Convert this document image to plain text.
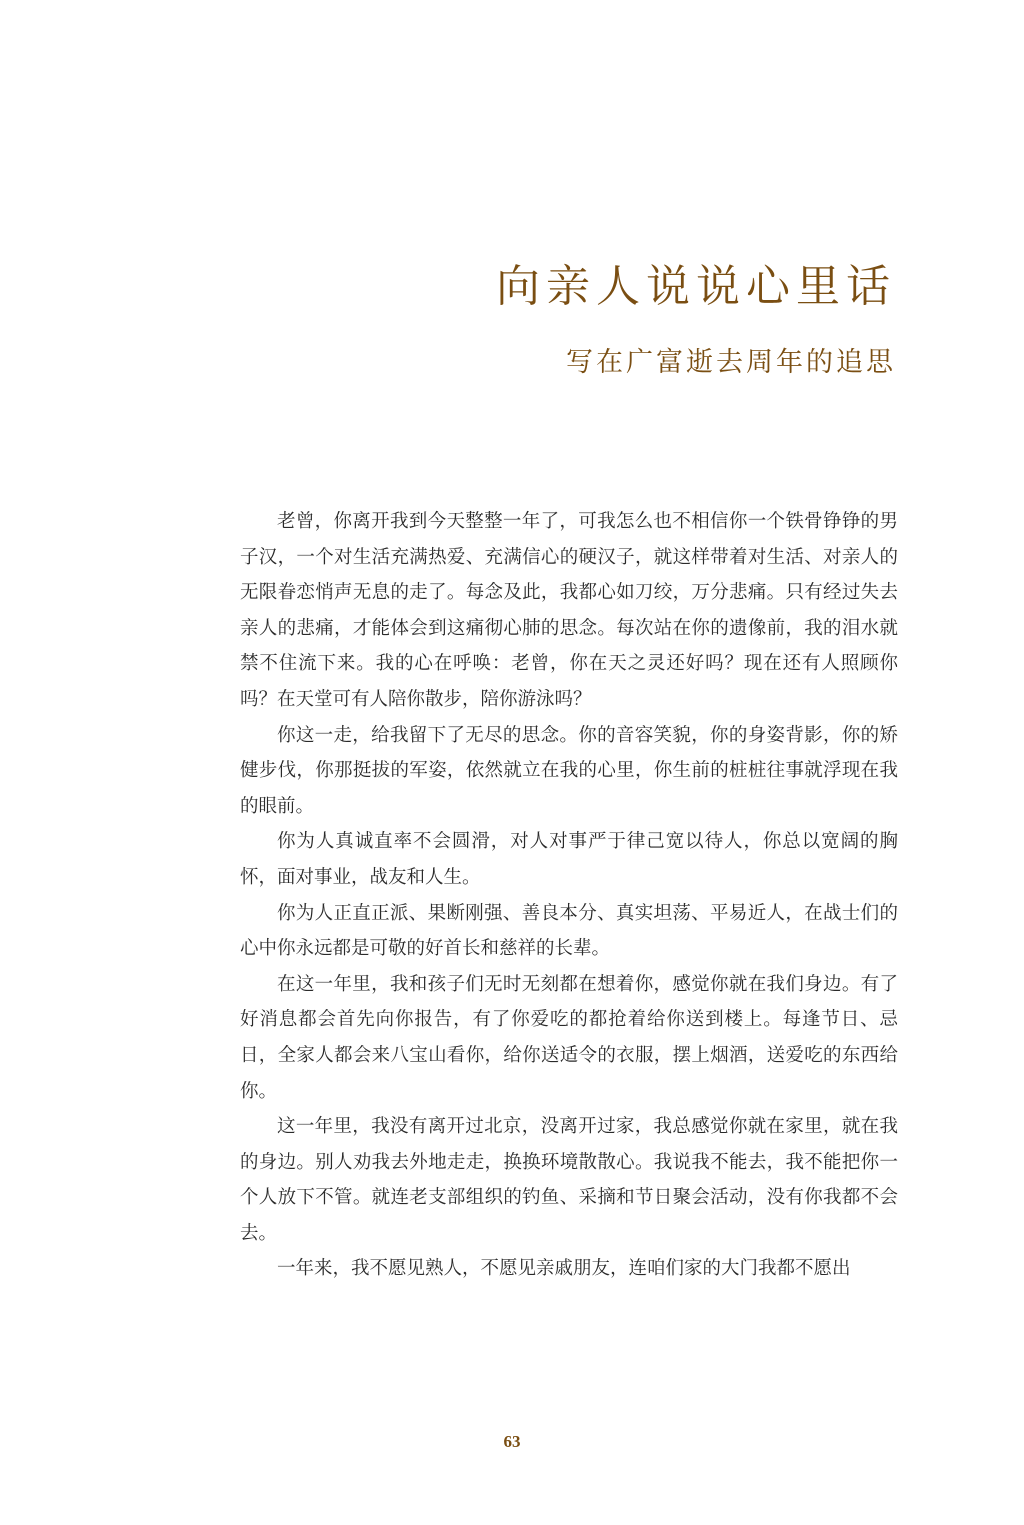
向亲人说说心里话
写在广富逝去周年的追思

老曾，你离开我到今天整整一年了，可我怎么也不相信你一个铁骨铮铮的男子汉，一个对生活充满热爱、充满信心的硬汉子，就这样带着对生活、对亲人的无限眷恋悄声无息的走了。每念及此，我都心如刀绞，万分悲痛。只有经过失去亲人的悲痛，才能体会到这痛彻心肺的思念。每次站在你的遗像前，我的泪水就禁不住流下来。我的心在呼唤：老曾，你在天之灵还好吗？现在还有人照顾你吗？在天堂可有人陪你散步，陪你游泳吗？

你这一走，给我留下了无尽的思念。你的音容笑貌，你的身姿背影，你的矫健步伐，你那挺拔的军姿，依然就立在我的心里，你生前的桩桩往事就浮现在我的眼前。

你为人真诚直率不会圆滑，对人对事严于律己宽以待人，你总以宽阔的胸怀，面对事业，战友和人生。

你为人正直正派、果断刚强、善良本分、真实坦荡、平易近人，在战士们的心中你永远都是可敬的好首长和慈祥的长辈。

在这一年里，我和孩子们无时无刻都在想着你，感觉你就在我们身边。有了好消息都会首先向你报告，有了你爱吃的都抢着给你送到楼上。每逢节日、忌日，全家人都会来八宝山看你，给你送适令的衣服，摆上烟酒，送爱吃的东西给你。

这一年里，我没有离开过北京，没离开过家，我总感觉你就在家里，就在我的身边。别人劝我去外地走走，换换环境散散心。我说我不能去，我不能把你一个人放下不管。就连老支部组织的钓鱼、采摘和节日聚会活动，没有你我都不会去。

一年来，我不愿见熟人，不愿见亲戚朋友，连咱们家的大门我都不愿出

63
